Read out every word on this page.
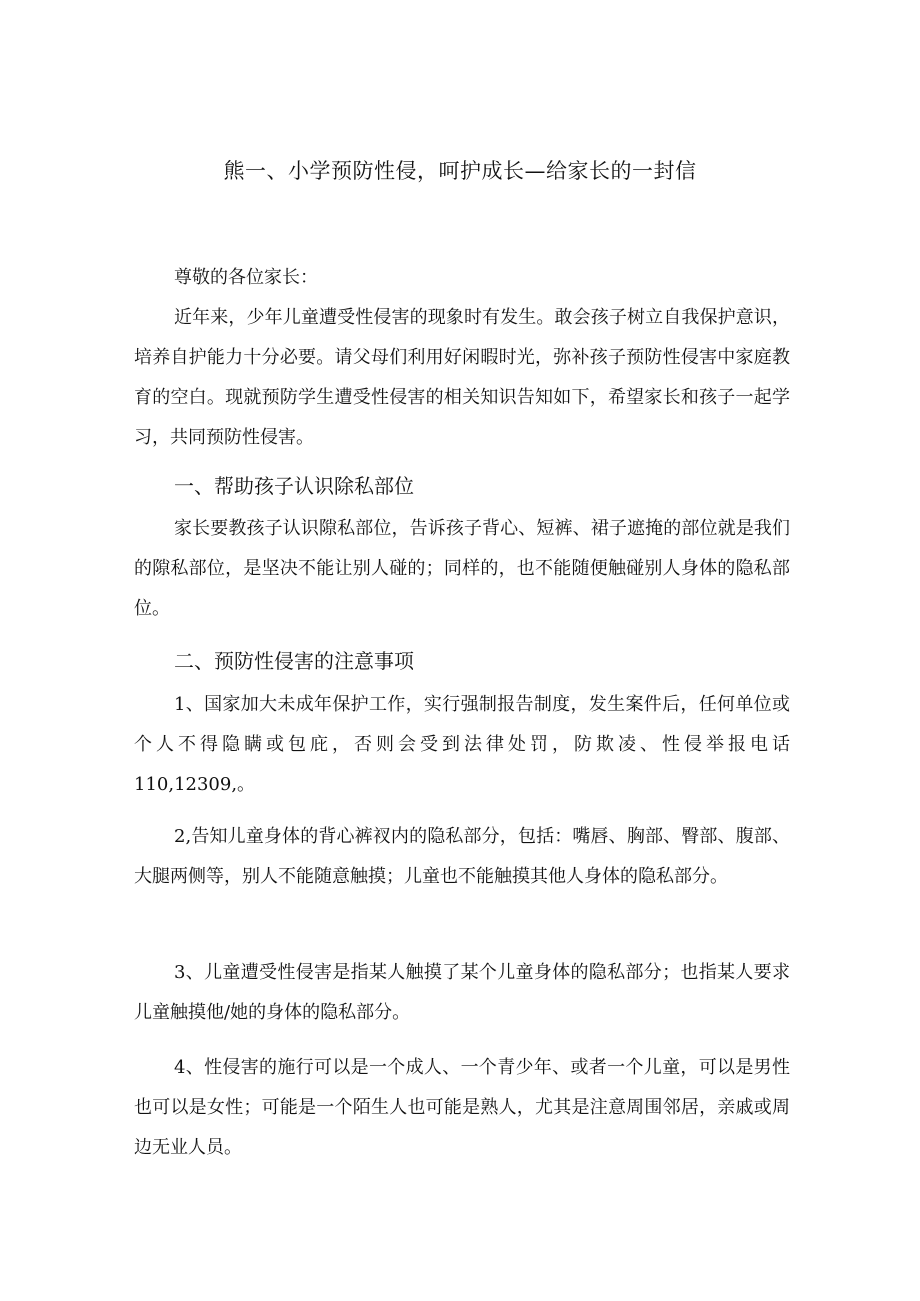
熊一、小学预防性侵，呵护成长—给家长的一封信

尊敬的各位家长：

近年来，少年儿童遭受性侵害的现象时有发生。敢会孩子树立自我保护意识，培养自护能力十分必要。请父母们利用好闲暇时光，弥补孩子预防性侵害中家庭教育的空白。现就预防学生遭受性侵害的相关知识告知如下，希望家长和孩子一起学习，共同预防性侵害。

一、帮助孩子认识除私部位

家长要教孩子认识隙私部位，告诉孩子背心、短裤、裙子遮掩的部位就是我们的隙私部位，是坚决不能让别人碰的；同样的，也不能随便触碰别人身体的隐私部位。

二、预防性侵害的注意事项

1、国家加大未成年保护工作，实行强制报告制度，发生案件后，任何单位或个人不得隐瞒或包庇，否则会受到法律处罚，防欺凌、性侵举报电话110,12309,。

2,告知儿童身体的背心裤衩内的隐私部分，包括：嘴唇、胸部、臀部、腹部、大腿两侧等，别人不能随意触摸；儿童也不能触摸其他人身体的隐私部分。

3、儿童遭受性侵害是指某人触摸了某个儿童身体的隐私部分；也指某人要求儿童触摸他/她的身体的隐私部分。

4、性侵害的施行可以是一个成人、一个青少年、或者一个儿童，可以是男性也可以是女性；可能是一个陌生人也可能是熟人，尤其是注意周围邻居，亲戚或周边无业人员。
